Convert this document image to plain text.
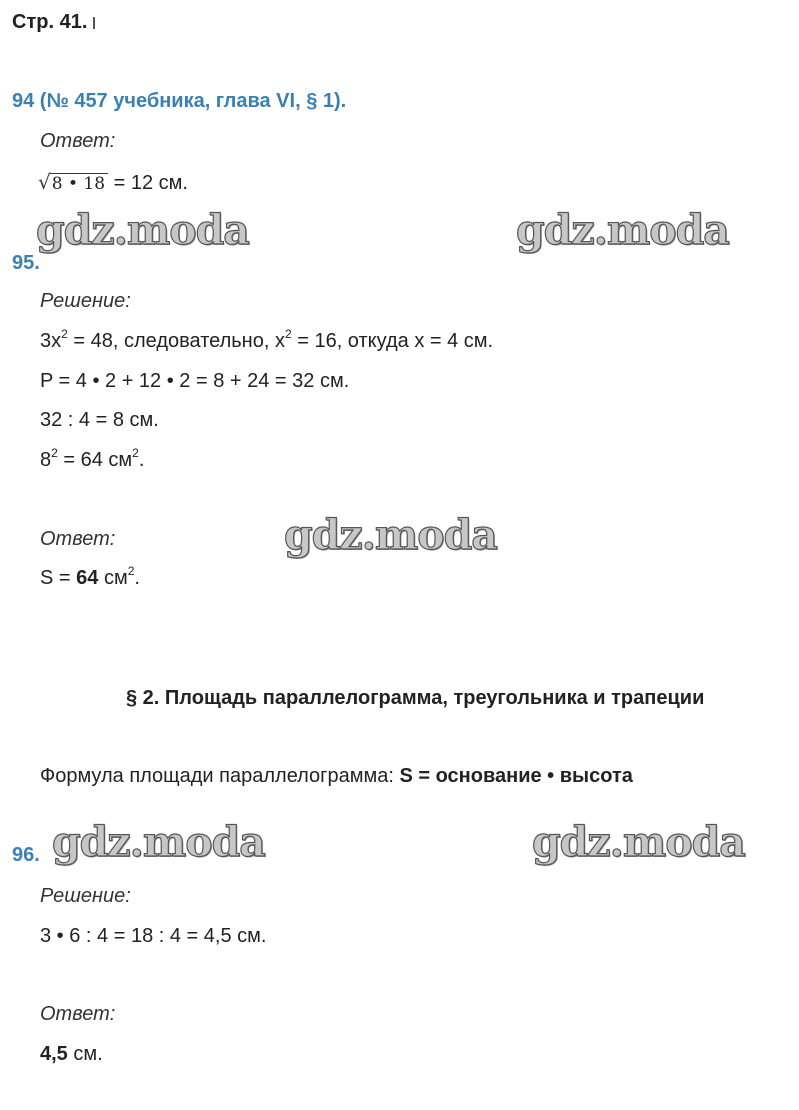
Стр. 41.
94 (№ 457 учебника, глава VI, § 1).
Ответ:
√8 • 18 = 12 см.
gdz.moda	gdz.moda
95.
Решение:
$3x^2 = 48$, следовательно, $x^2 = 16$, откуда x = 4 см.
P = 4 • 2 + 12 • 2 = 8 + 24 = 32 см.
32 : 4 = 8 см.
$8^2 = 64$ $см^2$.
Ответ:	gdz.moda
S = 64 $см^2$.
§ 2. Площадь параллелограмма, треугольника и трапеции
Формула площади параллелограмма: S = основание • высота
gdz.moda	gdz.moda
96.
Решение:
3 • 6 : 4 = 18 : 4 = 4,5 см.
Ответ:
4,5 см.
